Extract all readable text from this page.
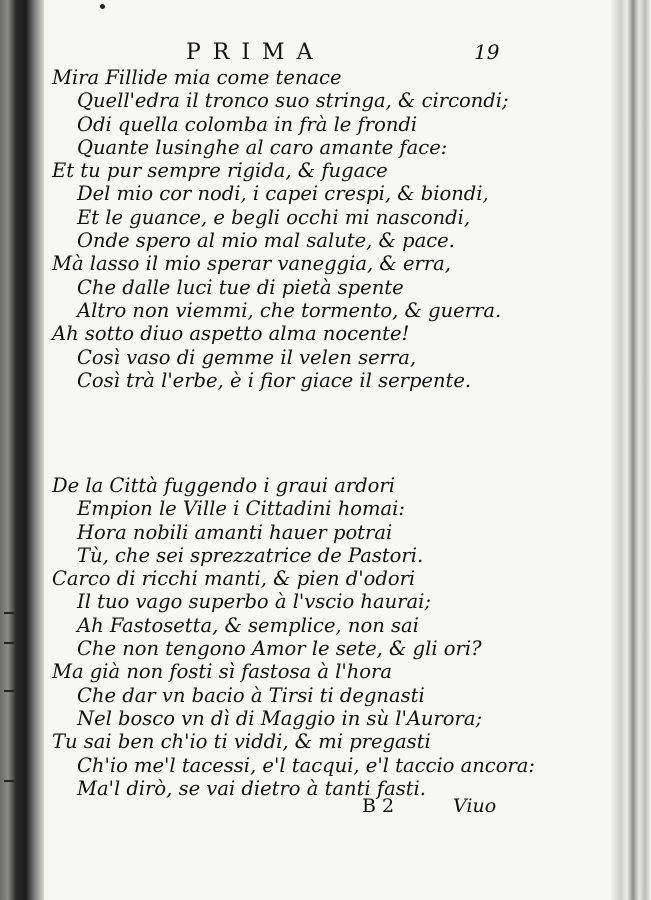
PRIMA	19
Mira Fillide mia come tenace
Quell'edra il tronco suo stringa, & circondi;
Odi quella colomba in frà le frondi
Quante lusinghe al caro amante face:
Et tu pur sempre rigida, & fugace
Del mio cor nodi, i capei crespi, & biondi,
Et le guance, e begli occhi mi nascondi,
Onde spero al mio mal salute, & pace.
Mà lasso il mio sperar vaneggia, & erra,
Che dalle luci tue di pietà spente
Altro non viemmi, che tormento, & guerra.
Ah sotto diuo aspetto alma nocente!
Così vaso di gemme il velen serra,
Così trà l'erbe, è i fior giace il serpente.
De la Città fuggendo i graui ardori
Empion le Ville i Cittadini homai:
Hora nobili amanti hauer potrai
Tù, che sei sprezzatrice de Pastori.
Carco di ricchi manti, & pien d'odori
Il tuo vago superbo à l'vscio haurai;
Ah Fastosetta, & semplice, non sai
Che non tengono Amor le sete, & gli ori?
Ma già non fosti sì fastosa à l'hora
Che dar vn bacio à Tirsi ti degnasti
Nel bosco vn dì di Maggio in sù l'Aurora;
Tu sai ben ch'io ti viddi, & mi pregasti
Ch'io me'l tacessi, e'l tacqui, e'l taccio ancora:
Ma'l dirò, se vai dietro à tanti fasti.
B 2	Viuo
